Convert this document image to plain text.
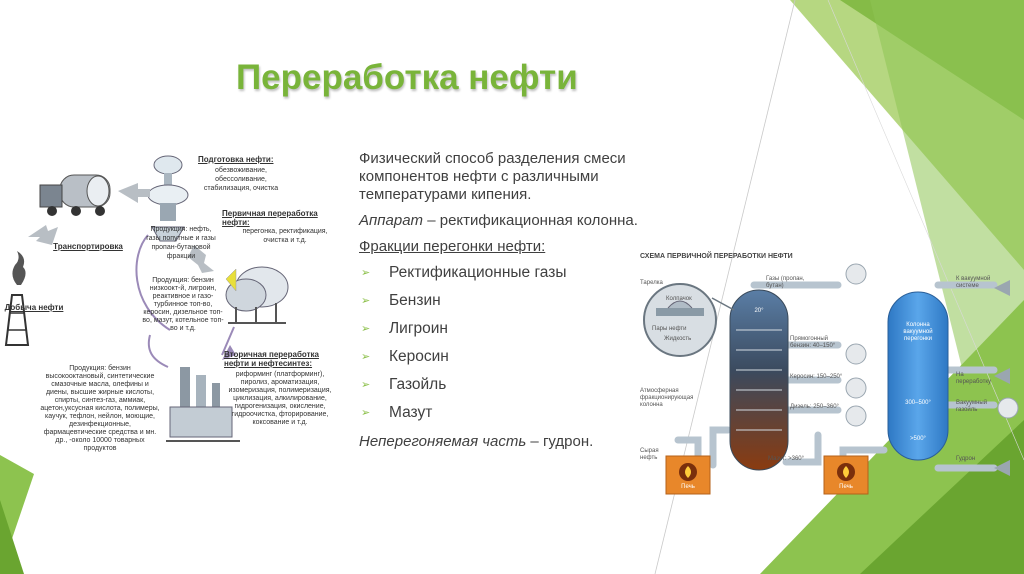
Переработка нефти

Физический способ разделения смеси компонентов нефти с различными температурами кипения.

Аппарат – ректификационная колонна.

Фракции перегонки нефти:

➢ Ректификационные газы
➢ Бензин
➢ Лигроин
➢ Керосин
➢ Газойль
➢ Мазут

Неперегоняемая часть – гудрон.

Подготовка нефти:
обезвоживание, обессоливание, стабилизация, очистка
Транспортировка
Добыча нефти
Первичная переработка нефти:
перегонка, ректификация, очистка и т.д.
Продукция: нефть, газы попутные и газы пропан-бутановой фракции
Продукция: бензин низкоокт-й, лигроин, реактивное и газо-турбинное топ-во, керосин, дизельное топ-во, мазут, котельное топ-во и т.д.
Вторичная переработка нефти и нефтесинтез:
риформинг (платформинг), пиролиз, ароматизация, изомеризация, полимеризация, циклизация, алкилирование, гидрогенизация, окисление, гидроочистка, фторирование, коксование и т.д.
Продукция: бензин высокооктановый, синтетические смазочные масла, олефины и диены, высшие жирные кислоты, спирты, синтез-газ, аммиак, ацетон,уксусная кислота, полимеры, каучук, тефлон, нейлон, моющие, дезинфекционные, фармацевтические средства и мн. др., -около 10000 товарных продуктов
СХЕМА ПЕРВИЧНОЙ ПЕРЕРАБОТКИ НЕФТИ
Тарелка
Колпачок
Пары нефти
Жидкость
20°
Газы (пропан, бутан)
Прямогонный бензин: 40–150°
Керосин: 150–250°
Дизель: 250–360°
Атмосферная фракционирующая колонна
Сырая нефть
Печь	Печь
Мазут: >360°
Колонна вакуумной перегонки
300–500°
>500°
К вакуумной системе
На переработку
Вакуумный газойль
Гудрон
